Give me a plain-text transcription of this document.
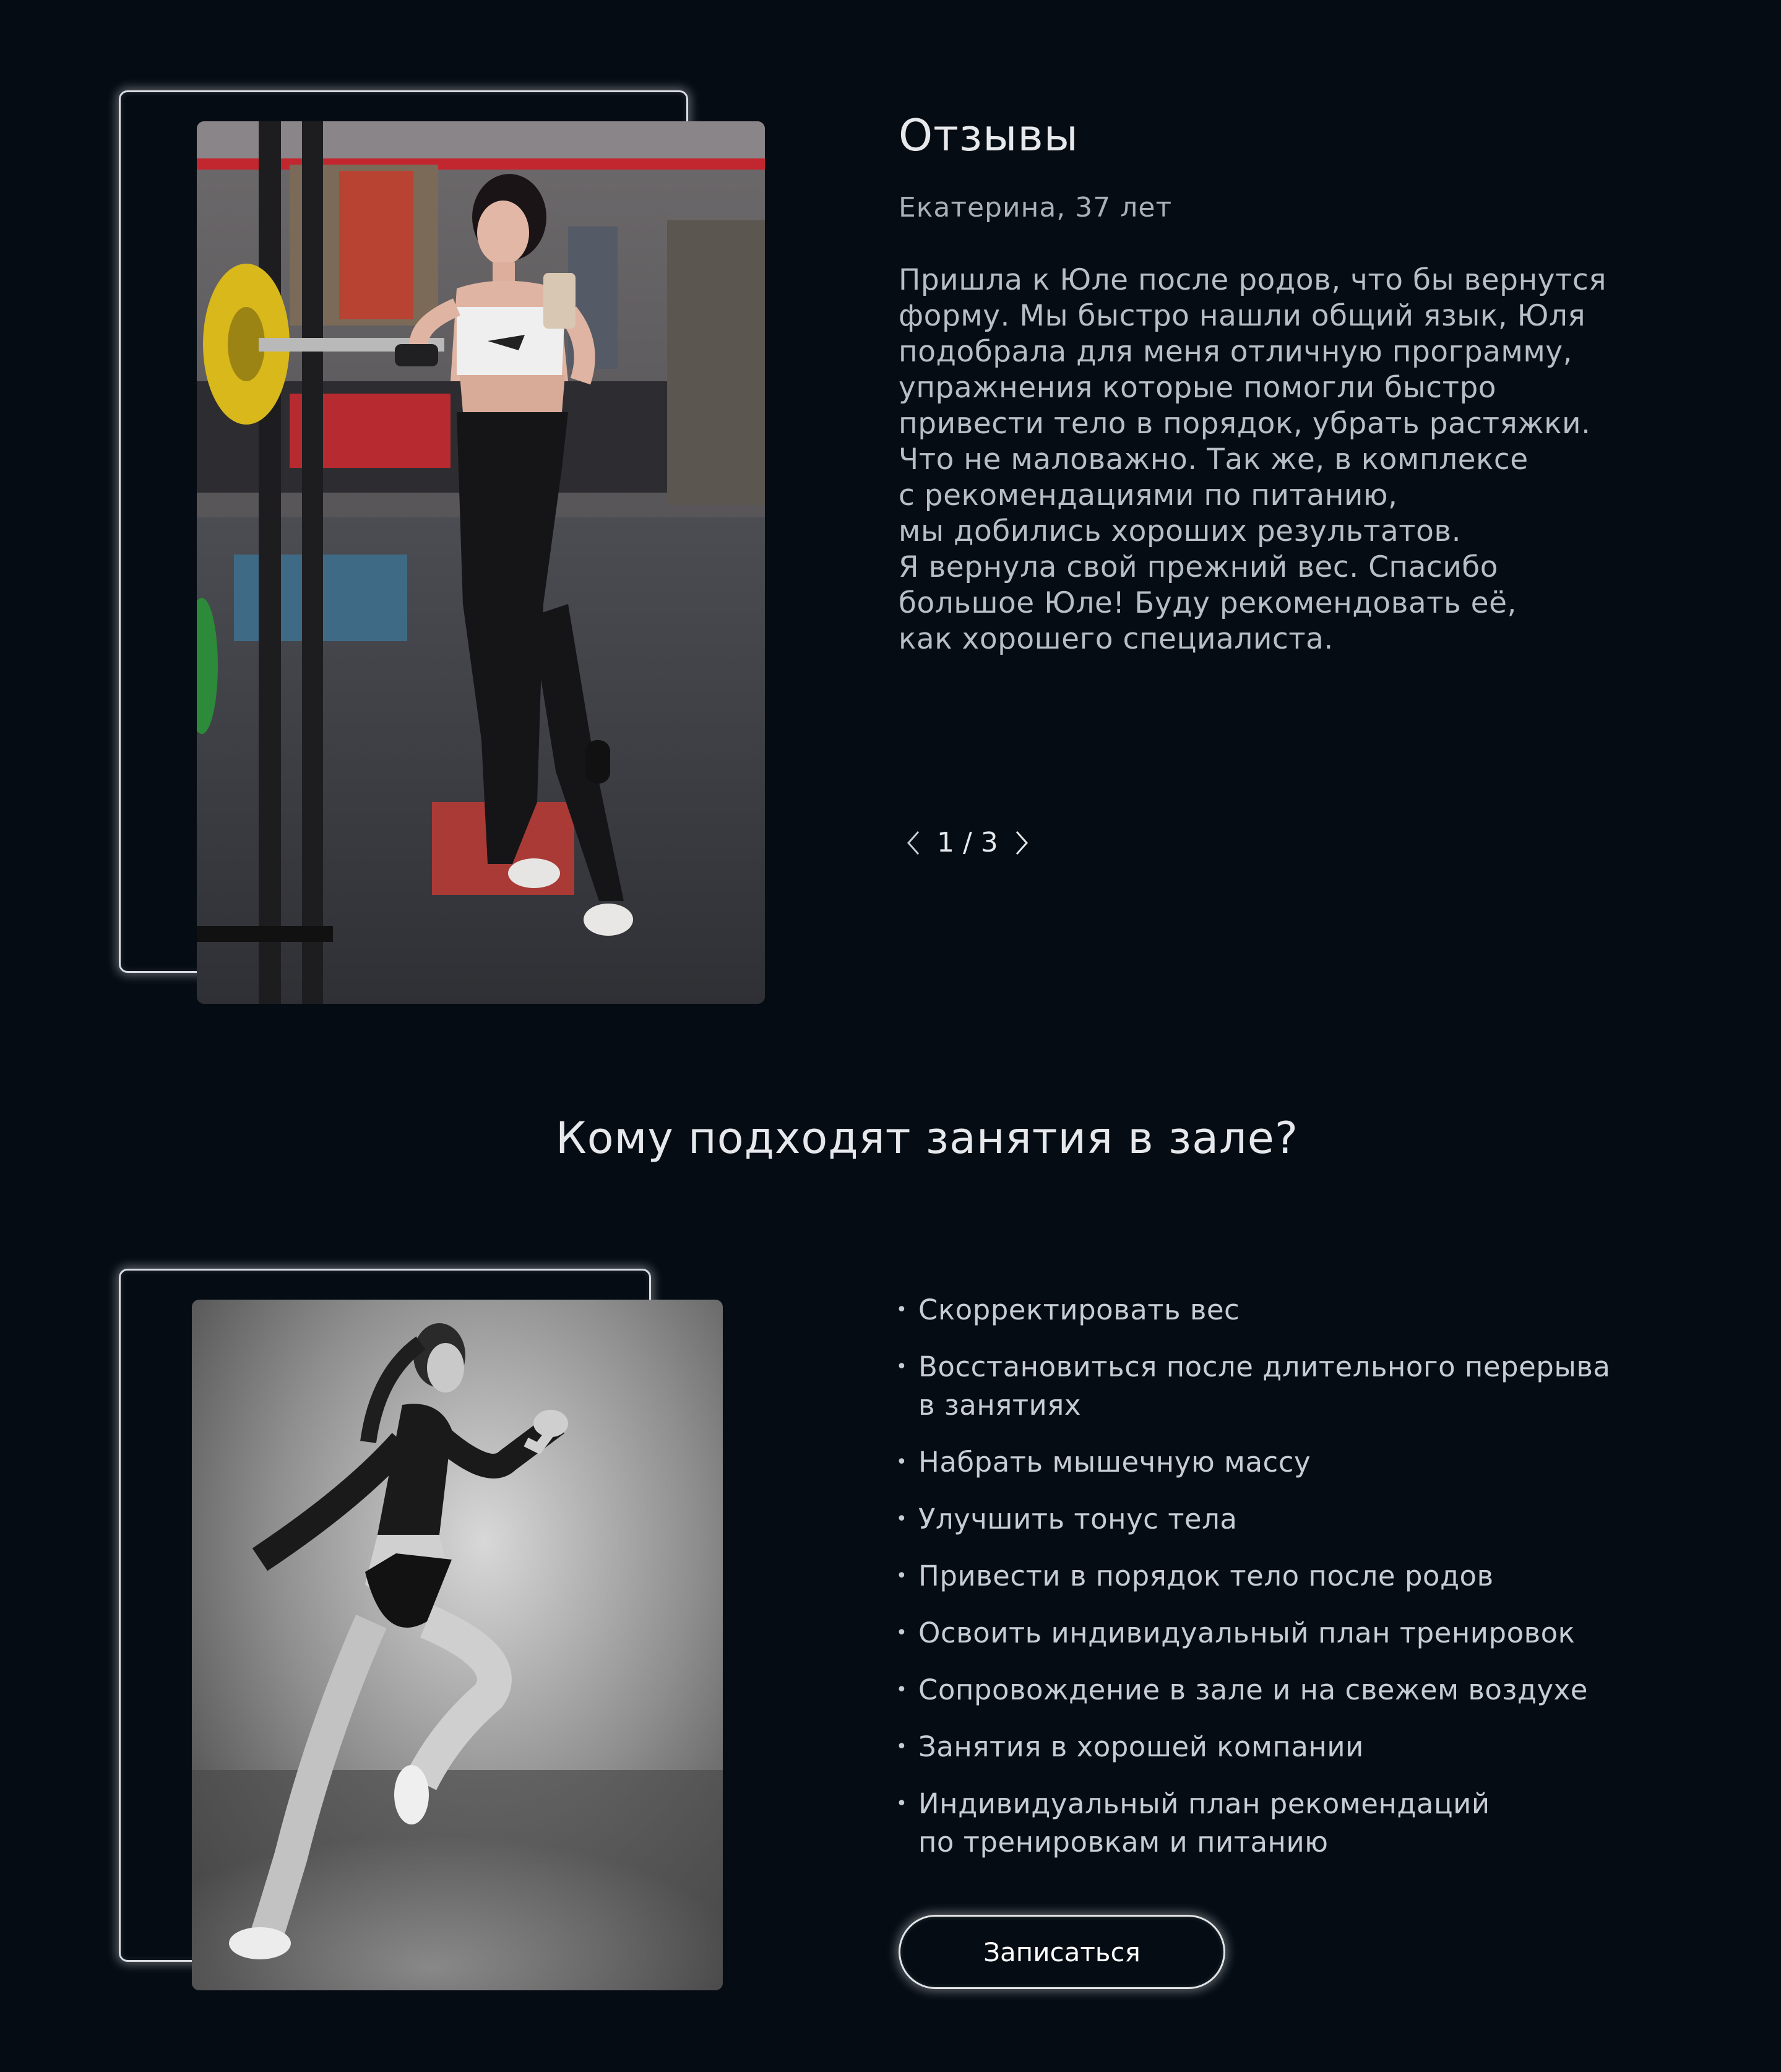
Отзывы
Екатерина, 37 лет
Пришла к Юле после родов, что бы вернутся
форму. Мы быстро нашли общий язык, Юля
подобрала для меня отличную программу,
упражнения которые помогли быстро
привести тело в порядок, убрать растяжки.
Что не маловажно. Так же, в комплексе
с рекомендациями по питанию,
мы добились хороших результатов.
Я вернула свой прежний вес. Спасибо
большое Юле! Буду рекомендовать её,
как хорошего специалиста.
1 / 3
Кому подходят занятия в зале?
• Скорректировать вес
• Восстановиться после длительного перерыва
в занятиях
• Набрать мышечную массу
• Улучшить тонус тела
• Привести в порядок тело после родов
• Освоить индивидуальный план тренировок
• Сопровождение в зале и на свежем воздухе
• Занятия в хорошей компании
• Индивидуальный план рекомендаций
по тренировкам и питанию
Записаться
